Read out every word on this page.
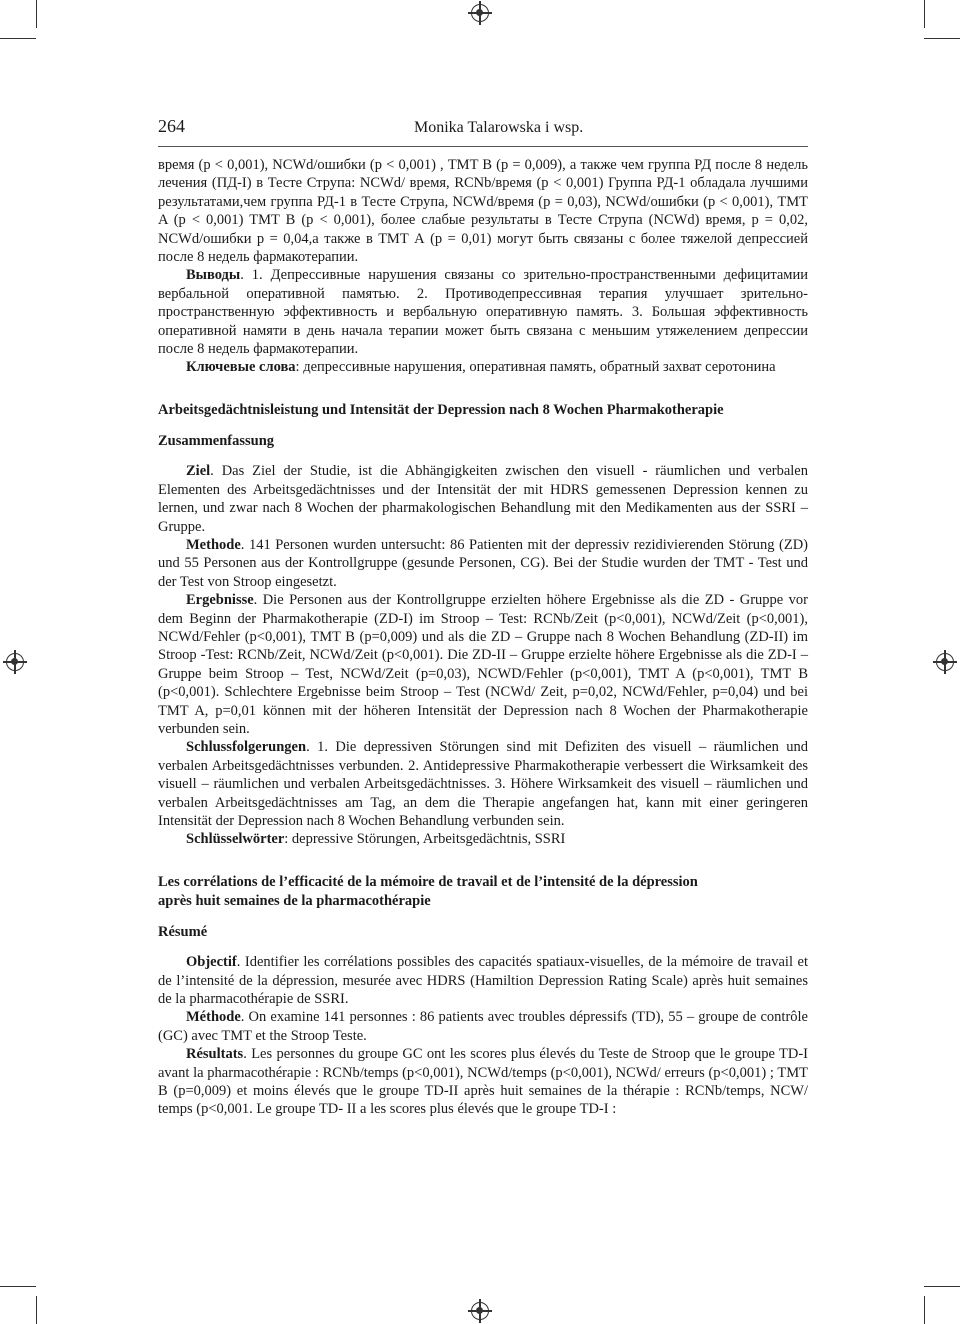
264	Monika Talarowska i wsp.

время (p < 0,001), NCWd/ошибки (p < 0,001) , TMT B (p = 0,009), а также чем группа РД после 8 недель лечения (ПД-I) в Тесте Струпа: NCWd/ время, RCNb/время (p < 0,001) Группа РД-1 обладала лучшими результатами,чем группа РД-1 в Тесте Струпа, NCWd/время (p = 0,03), NCWd/ошибки (p < 0,001), TMT A (p < 0,001) TMT B (p < 0,001), более слабые результаты в Тесте Струпа (NCWd) время, p = 0,02, NCWd/ошибки p = 0,04,а также в ТМТ А (p = 0,01) могут быть связаны с более тяжелой депрессией после 8 недель фармакотерапии.

Выводы. 1. Депрессивные нарушения связаны со зрительно-пространственными дефицитамии вербальной оперативной памятью. 2. Противодепрессивная терапия улучшает зрительно-пространственную эффективность и вербальную оперативную память. 3. Большая эффективность оперативной намяти в день начала терапии может быть связана с меньшим утяжелением депрессии после 8 недель фармакотерапии.

Ключевые слова: депрессивные нарушения, оперативная память, обратный захват серотонина

Arbeitsgedächtnisleistung und Intensität der Depression nach 8 Wochen Pharmakotherapie

Zusammenfassung

Ziel. Das Ziel der Studie, ist die Abhängigkeiten zwischen den visuell - räumlichen und verbalen Elementen des Arbeitsgedächtnisses und der Intensität der mit HDRS gemessenen Depression kennen zu lernen, und zwar nach 8 Wochen der pharmakologischen Behandlung mit den Medikamenten aus der SSRI – Gruppe.

Methode. 141 Personen wurden untersucht: 86 Patienten mit der depressiv rezidivierenden Störung (ZD) und 55 Personen aus der Kontrollgruppe (gesunde Personen, CG). Bei der Studie wurden der TMT - Test und der Test von Stroop eingesetzt.

Ergebnisse. Die Personen aus der Kontrollgruppe erzielten höhere Ergebnisse als die ZD - Gruppe vor dem Beginn der Pharmakotherapie (ZD-I) im Stroop – Test: RCNb/Zeit (p<0,001), NCWd/Zeit (p<0,001), NCWd/Fehler (p<0,001), TMT B (p=0,009) und als die ZD – Gruppe nach 8 Wochen Behandlung (ZD-II) im Stroop -Test: RCNb/Zeit, NCWd/Zeit (p<0,001). Die ZD-II – Gruppe erzielte höhere Ergebnisse als die ZD-I – Gruppe beim Stroop – Test, NCWd/Zeit (p=0,03), NCWD/Fehler (p<0,001), TMT A (p<0,001), TMT B (p<0,001). Schlechtere Ergebnisse beim Stroop – Test (NCWd/ Zeit, p=0,02, NCWd/Fehler, p=0,04) und bei TMT A, p=0,01 können mit der höheren Intensität der Depression nach 8 Wochen der Pharmakotherapie verbunden sein.

Schlussfolgerungen. 1. Die depressiven Störungen sind mit Defiziten des visuell – räumlichen und verbalen Arbeitsgedächtnisses verbunden. 2. Antidepressive Pharmakotherapie verbessert die Wirksamkeit des visuell – räumlichen und verbalen Arbeitsgedächtnisses. 3. Höhere Wirksamkeit des visuell – räumlichen und verbalen Arbeitsgedächtnisses am Tag, an dem die Therapie angefangen hat, kann mit einer geringeren Intensität der Depression nach 8 Wochen Behandlung verbunden sein.

Schlüsselwörter: depressive Störungen, Arbeitsgedächtnis, SSRI

Les corrélations de l’efficacité de la mémoire de travail et de l’intensité de la dépression
après huit semaines de la pharmacothérapie

Résumé

Objectif. Identifier les corrélations possibles des capacités spatiaux-visuelles, de la mémoire de travail et de l’intensité de la dépression, mesurée avec HDRS (Hamiltion Depression Rating Scale) après huit semaines de la pharmacothérapie de SSRI.

Méthode. On examine 141 personnes : 86 patients avec troubles dépressifs (TD), 55 – groupe de contrôle (GC) avec TMT et the Stroop Teste.

Résultats. Les personnes du groupe GC ont les scores plus élevés du Teste de Stroop que le groupe TD-I avant la pharmacothérapie : RCNb/temps (p<0,001), NCWd/temps (p<0,001), NCWd/ erreurs (p<0,001) ; TMT B (p=0,009) et moins élevés que le groupe TD-II après huit semaines de la thérapie : RCNb/temps, NCW/ temps (p<0,001. Le groupe TD- II a les scores plus élevés que le groupe TD-I :
